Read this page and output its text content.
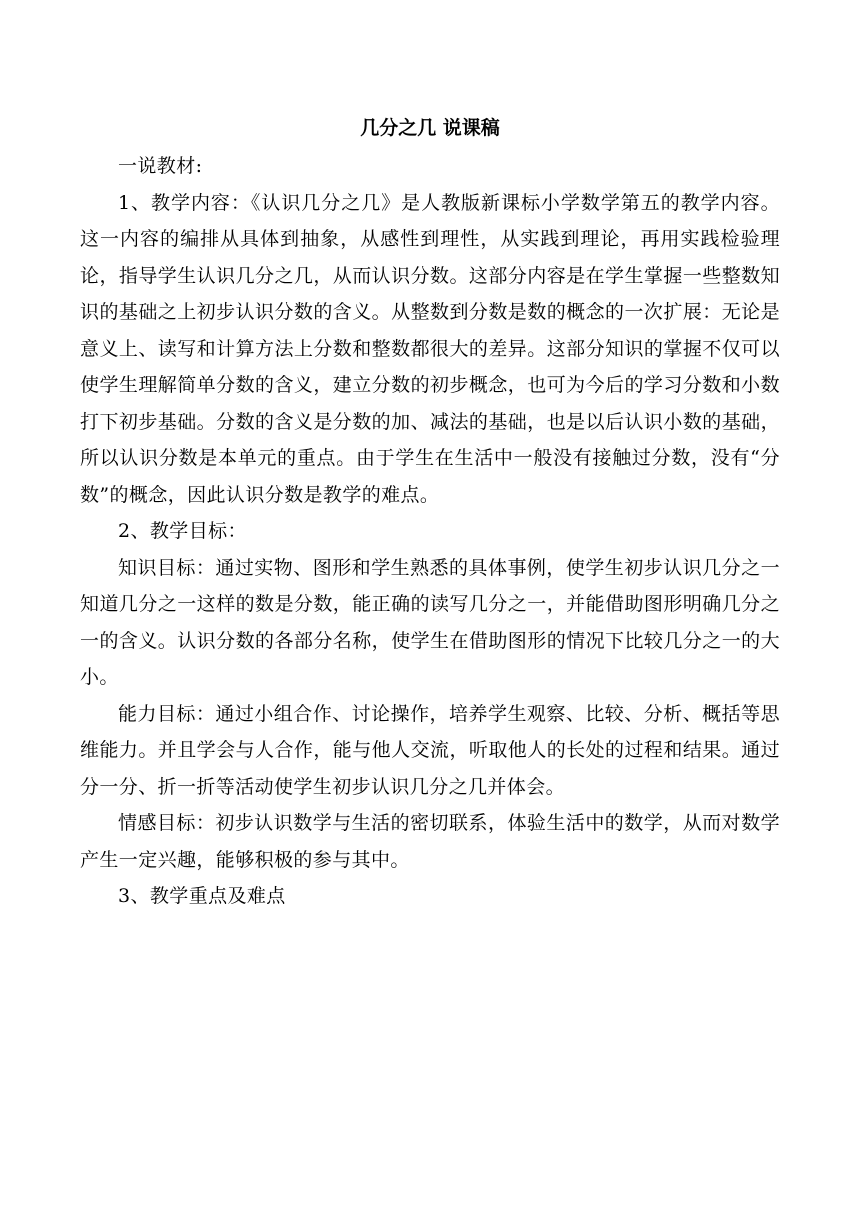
几分之几 说课稿

一说教材:

1、教学内容：《认识几分之几》是人教版新课标小学数学第五的教学内容。这一内容的编排从具体到抽象，从感性到理性，从实践到理论，再用实践检验理论，指导学生认识几分之几，从而认识分数。这部分内容是在学生掌握一些整数知识的基础之上初步认识分数的含义。从整数到分数是数的概念的一次扩展：无论是意义上、读写和计算方法上分数和整数都很大的差异。这部分知识的掌握不仅可以使学生理解简单分数的含义，建立分数的初步概念，也可为今后的学习分数和小数打下初步基础。分数的含义是分数的加、减法的基础，也是以后认识小数的基础，所以认识分数是本单元的重点。由于学生在生活中一般没有接触过分数，没有“分数”的概念，因此认识分数是教学的难点。

2、教学目标：

知识目标：通过实物、图形和学生熟悉的具体事例，使学生初步认识几分之一知道几分之一这样的数是分数，能正确的读写几分之一，并能借助图形明确几分之一的含义。认识分数的各部分名称，使学生在借助图形的情况下比较几分之一的大小。

能力目标：通过小组合作、讨论操作，培养学生观察、比较、分析、概括等思维能力。并且学会与人合作，能与他人交流，听取他人的长处的过程和结果。通过分一分、折一折等活动使学生初步认识几分之几并体会。

情感目标：初步认识数学与生活的密切联系，体验生活中的数学，从而对数学产生一定兴趣，能够积极的参与其中。

3、教学重点及难点
